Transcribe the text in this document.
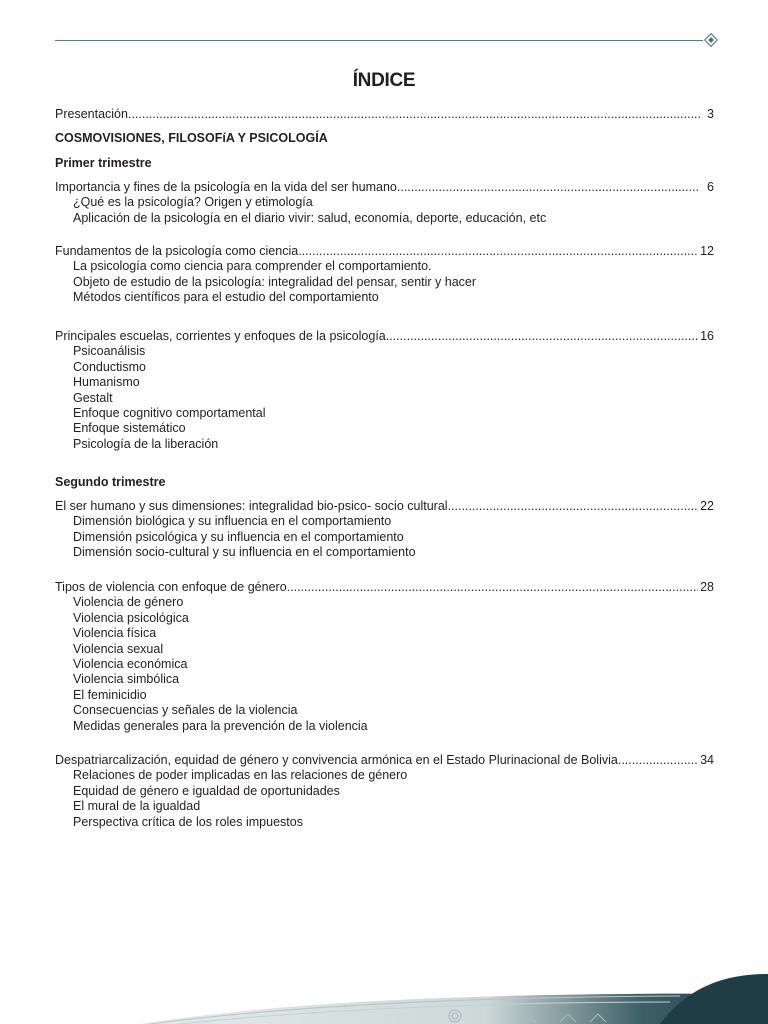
ÍNDICE
Presentación .....	3
COSMOVISIONES, FILOSOFíA Y PSICOLOGÍA
Primer trimestre
Importancia y fines de la psicología en la vida del ser humano .....	6
¿Qué es la psicología? Origen y etimología
Aplicación de la psicología en el diario vivir: salud, economía, deporte, educación, etc
Fundamentos de la psicología como ciencia .....	12
La psicología como ciencia para comprender el comportamiento.
Objeto de estudio de la psicología: integralidad del pensar, sentir y hacer
Métodos científicos para el estudio del comportamiento
Principales escuelas, corrientes y enfoques de la psicología .....	16
Psicoanálisis
Conductismo
Humanismo
Gestalt
Enfoque cognitivo comportamental
Enfoque sistemático
Psicología de la liberación
Segundo trimestre
El ser humano y sus dimensiones: integralidad bio-psico- socio cultural .....	22
Dimensión biológica y su influencia en el comportamiento
Dimensión psicológica y su influencia en el comportamiento
Dimensión socio-cultural y su influencia en el comportamiento
Tipos de violencia con enfoque de género .....	28
Violencia de género
Violencia psicológica
Violencia física
Violencia sexual
Violencia económica
Violencia simbólica
El feminicidio
Consecuencias y señales de la violencia
Medidas generales para la prevención de la violencia
Despatriarcalización, equidad de género y convivencia armónica en el Estado Plurinacional de Bolivia .....	34
Relaciones de poder implicadas en las relaciones de género
Equidad de género e igualdad de oportunidades
El mural de la igualdad
Perspectiva crítica de los roles impuestos
